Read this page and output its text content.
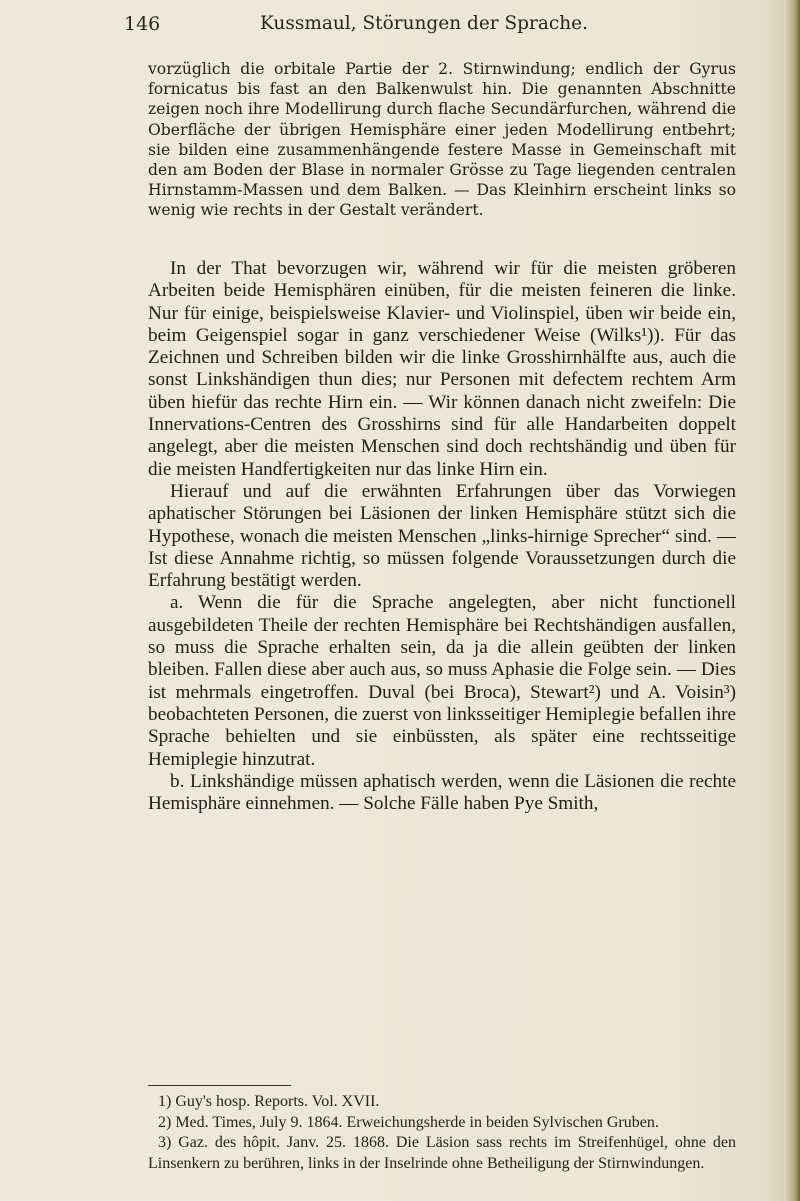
146	Kussmaul, Störungen der Sprache.

vorzüglich die orbitale Partie der 2. Stirnwindung; endlich der Gyrus fornicatus bis fast an den Balkenwulst hin. Die genannten Abschnitte zeigen noch ihre Modellirung durch flache Secundärfurchen, während die Oberfläche der übrigen Hemisphäre einer jeden Modellirung entbehrt; sie bilden eine zusammenhängende festere Masse in Gemeinschaft mit den am Boden der Blase in normaler Grösse zu Tage liegenden centralen Hirnstamm-Massen und dem Balken. — Das Kleinhirn erscheint links so wenig wie rechts in der Gestalt verändert.

In der That bevorzugen wir, während wir für die meisten gröberen Arbeiten beide Hemisphären einüben, für die meisten feineren die linke. Nur für einige, beispielsweise Klavier- und Violinspiel, üben wir beide ein, beim Geigenspiel sogar in ganz verschiedener Weise (Wilks¹)). Für das Zeichnen und Schreiben bilden wir die linke Grosshirnhälfte aus, auch die sonst Linkshändigen thun dies; nur Personen mit defectem rechtem Arm üben hiefür das rechte Hirn ein. — Wir können danach nicht zweifeln: Die Innervations-Centren des Grosshirns sind für alle Handarbeiten doppelt angelegt, aber die meisten Menschen sind doch rechtshändig und üben für die meisten Handfertigkeiten nur das linke Hirn ein.

Hierauf und auf die erwähnten Erfahrungen über das Vorwiegen aphatischer Störungen bei Läsionen der linken Hemisphäre stützt sich die Hypothese, wonach die meisten Menschen „links-hirnige Sprecher“ sind. — Ist diese Annahme richtig, so müssen folgende Voraussetzungen durch die Erfahrung bestätigt werden.

a. Wenn die für die Sprache angelegten, aber nicht functionell ausgebildeten Theile der rechten Hemisphäre bei Rechtshändigen ausfallen, so muss die Sprache erhalten sein, da ja die allein geübten der linken bleiben. Fallen diese aber auch aus, so muss Aphasie die Folge sein. — Dies ist mehrmals eingetroffen. Duval (bei Broca), Stewart²) und A. Voisin³) beobachteten Personen, die zuerst von linksseitiger Hemiplegie befallen ihre Sprache behielten und sie einbüssten, als später eine rechtsseitige Hemiplegie hinzutrat.

b. Linkshändige müssen aphatisch werden, wenn die Läsionen die rechte Hemisphäre einnehmen. — Solche Fälle haben Pye Smith,

1) Guy's hosp. Reports. Vol. XVII.

2) Med. Times, July 9. 1864. Erweichungsherde in beiden Sylvischen Gruben.

3) Gaz. des hôpit. Janv. 25. 1868. Die Läsion sass rechts im Streifenhügel, ohne den Linsenkern zu berühren, links in der Inselrinde ohne Betheiligung der Stirnwindungen.
